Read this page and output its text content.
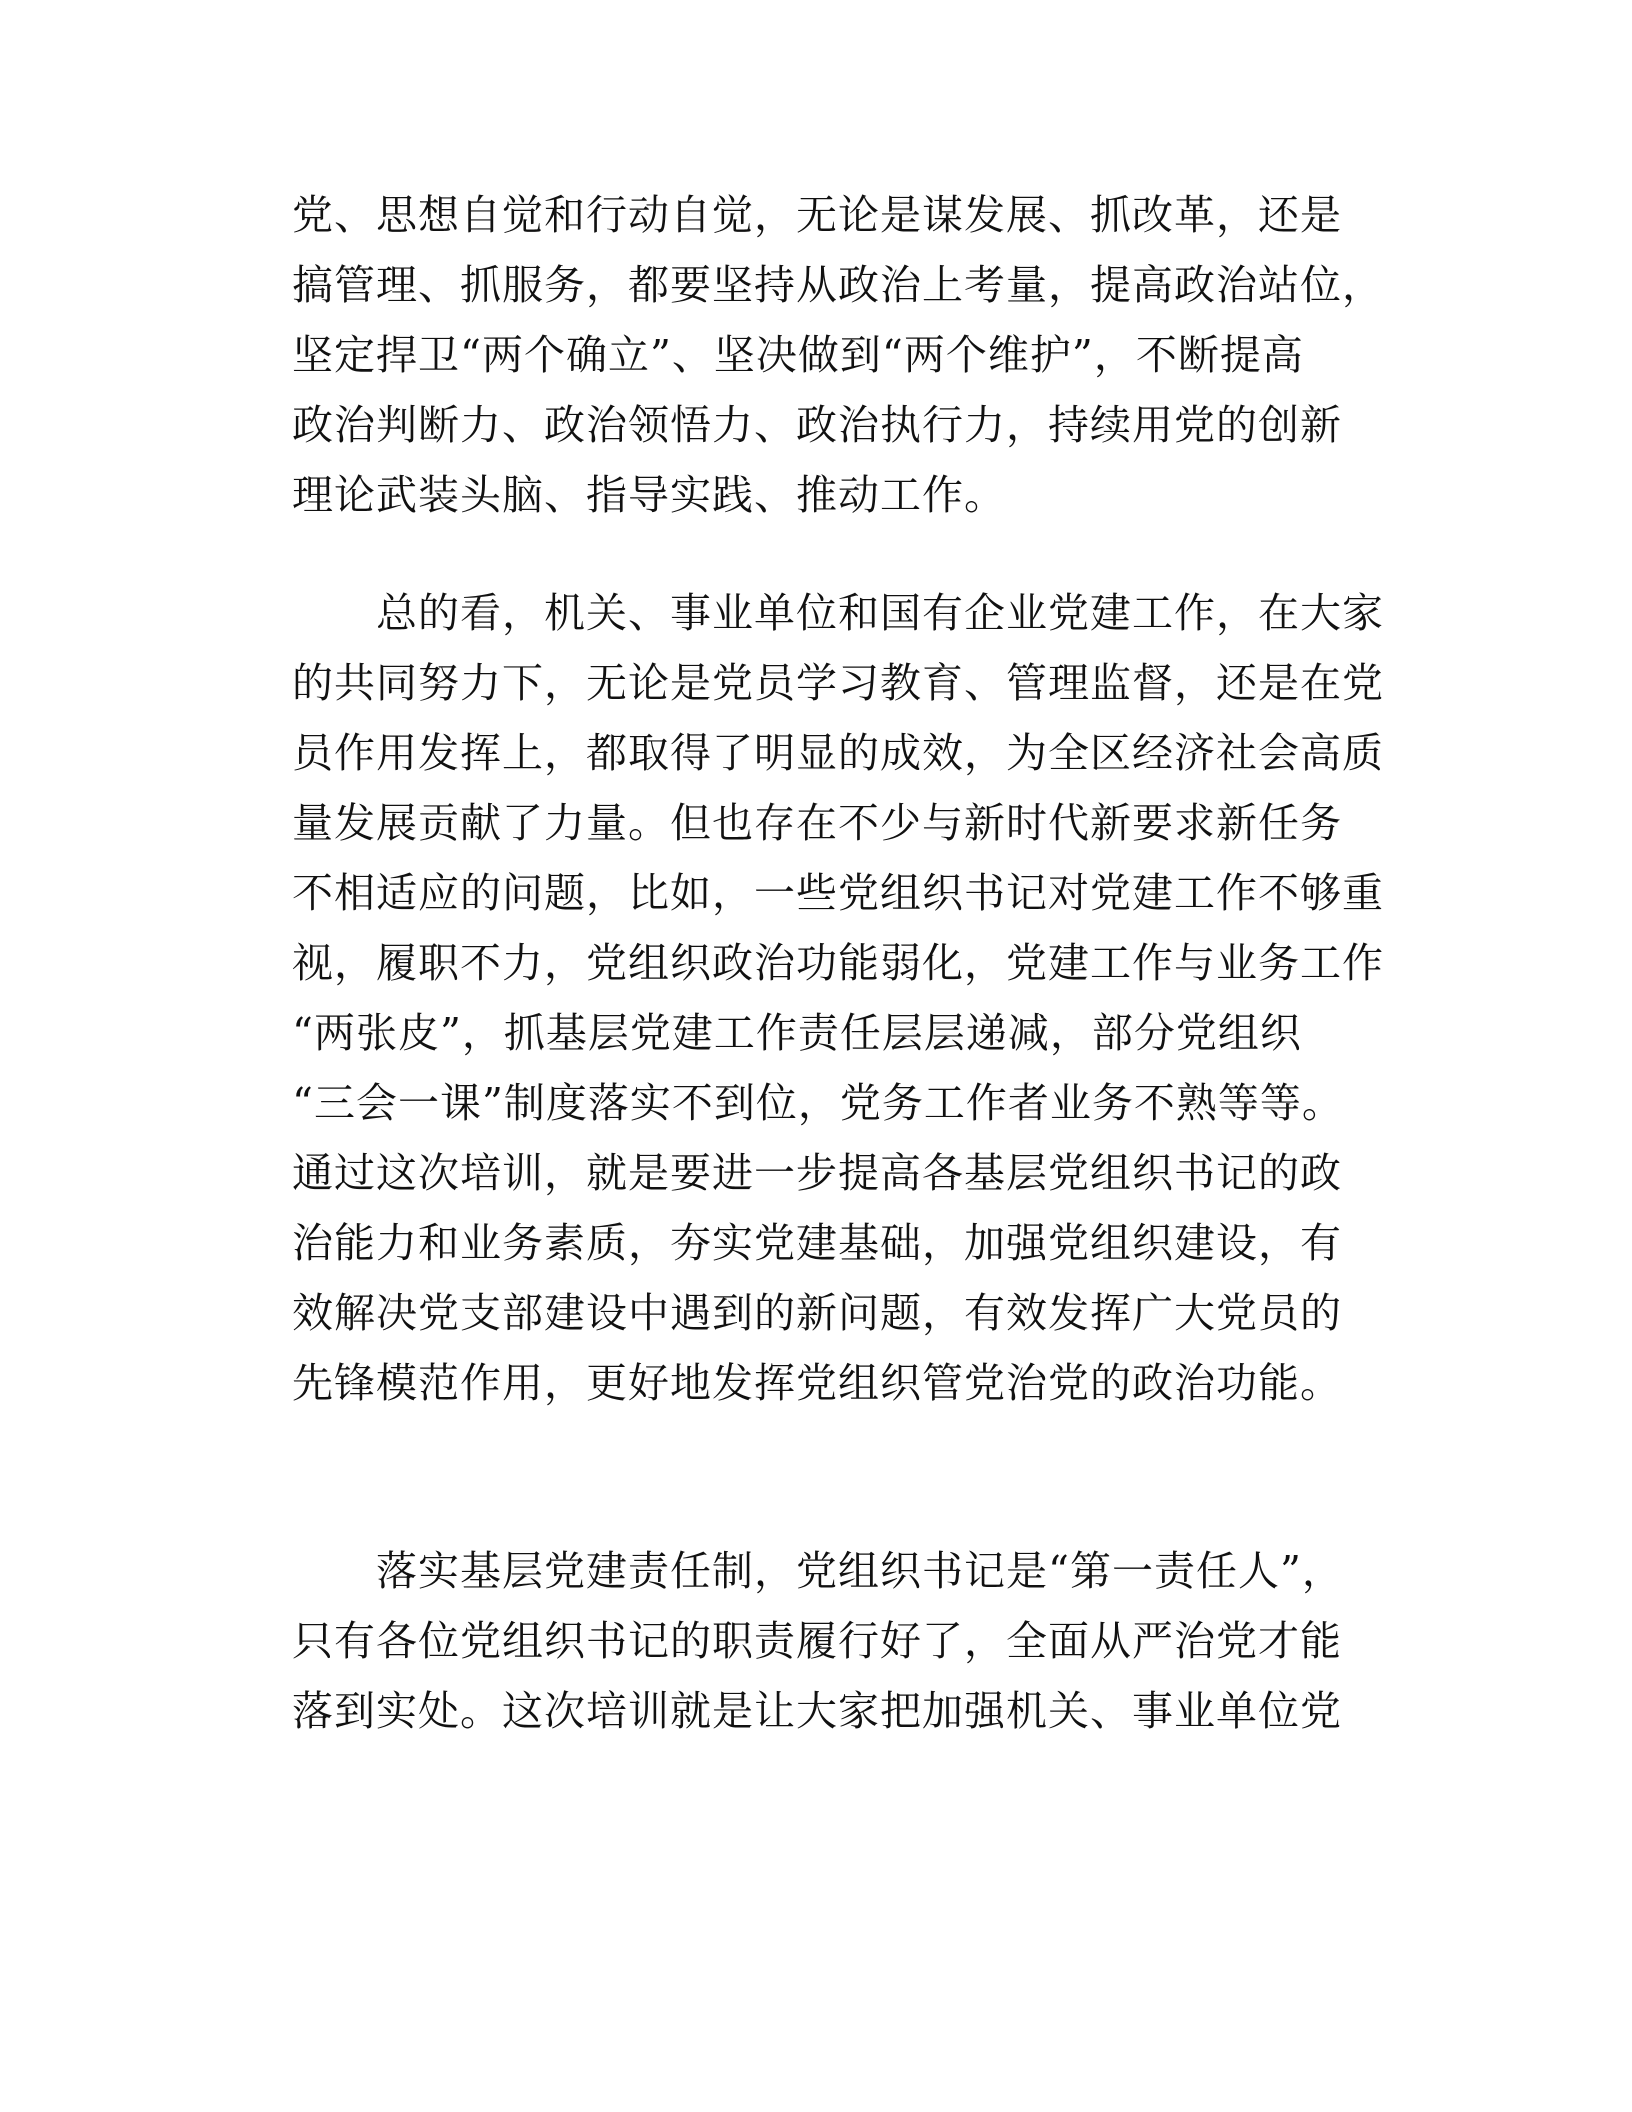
党、思想自觉和行动自觉，无论是谋发展、抓改革，还是
搞管理、抓服务，都要坚持从政治上考量，提高政治站位，
坚定捍卫“两个确立”、坚决做到“两个维护”，不断提高
政治判断力、政治领悟力、政治执行力，持续用党的创新
理论武装头脑、指导实践、推动工作。
总的看，机关、事业单位和国有企业党建工作，在大家
的共同努力下，无论是党员学习教育、管理监督，还是在党
员作用发挥上，都取得了明显的成效，为全区经济社会高质
量发展贡献了力量。但也存在不少与新时代新要求新任务
不相适应的问题，比如，一些党组织书记对党建工作不够重
视，履职不力，党组织政治功能弱化，党建工作与业务工作
“两张皮”，抓基层党建工作责任层层递减，部分党组织
“三会一课”制度落实不到位，党务工作者业务不熟等等。
通过这次培训，就是要进一步提高各基层党组织书记的政
治能力和业务素质，夯实党建基础，加强党组织建设，有
效解决党支部建设中遇到的新问题，有效发挥广大党员的
先锋模范作用，更好地发挥党组织管党治党的政治功能。
落实基层党建责任制，党组织书记是“第一责任人”，
只有各位党组织书记的职责履行好了，全面从严治党才能
落到实处。这次培训就是让大家把加强机关、事业单位党
